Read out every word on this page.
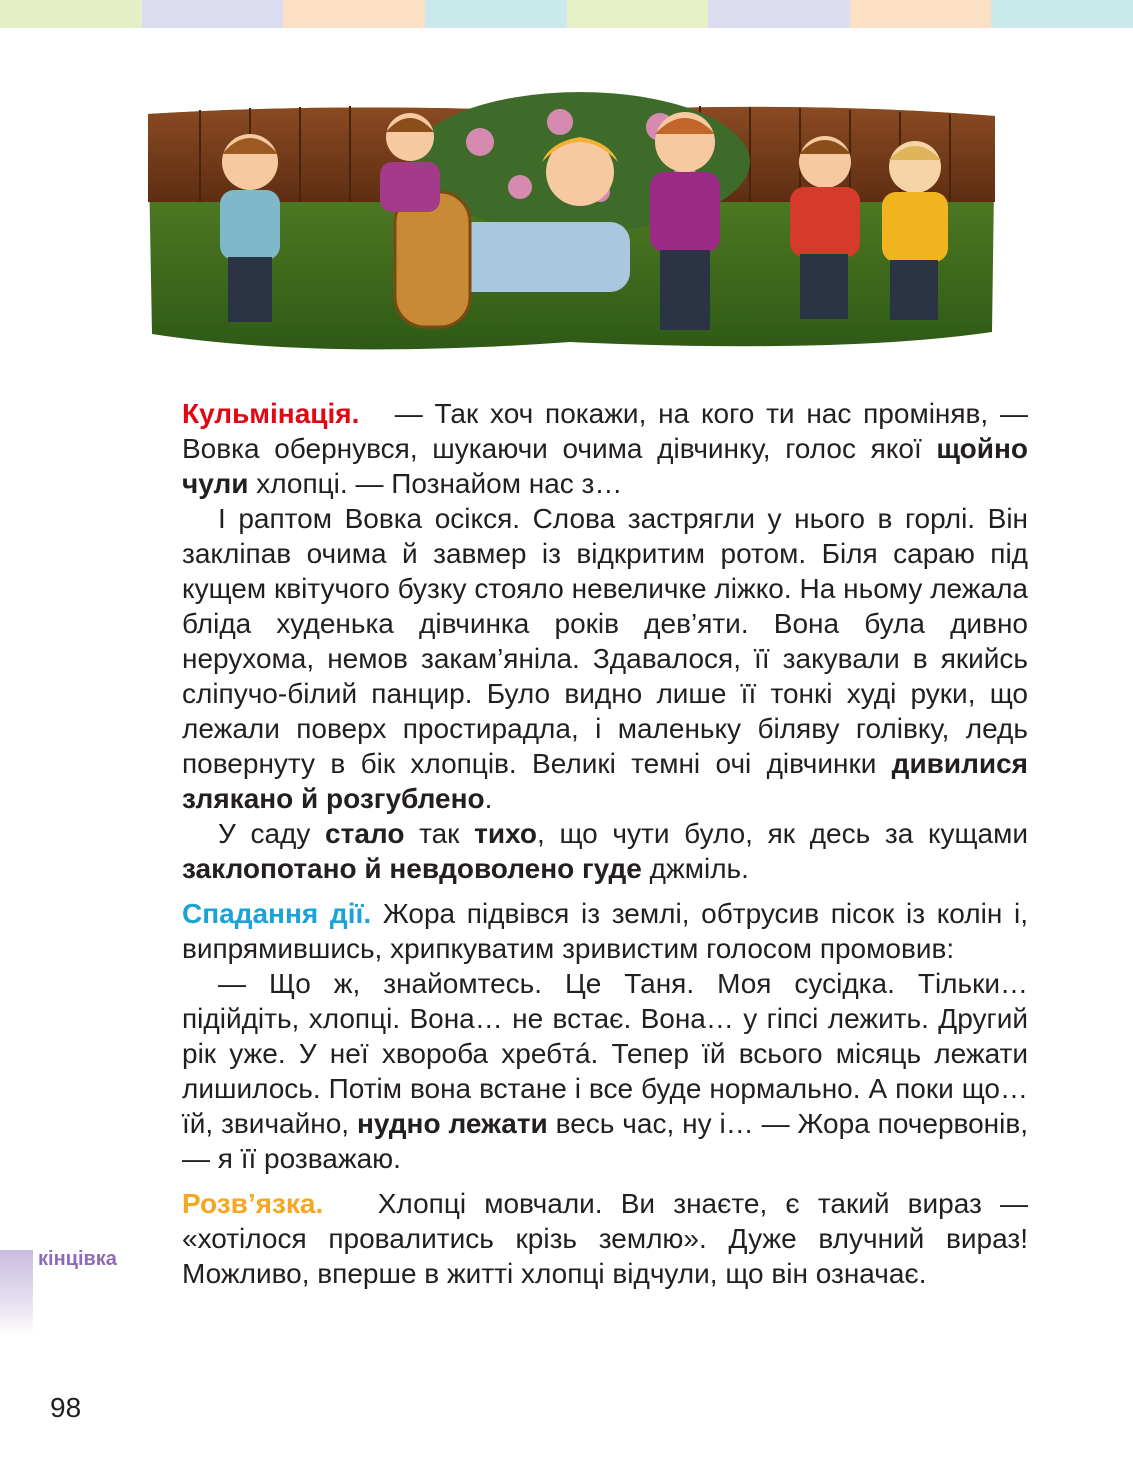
Кульмінація. — Так хоч покажи, на кого ти нас проміняв, — Вовка обернувся, шукаючи очима дівчинку, голос якої щойно чули хлопці. — Познайом нас з…

І раптом Вовка осікся. Слова застрягли у нього в горлі. Він закліпав очима й завмер із відкритим ротом. Біля сараю під кущем квітучого бузку стояло невеличке ліжко. На ньому лежала бліда худенька дівчинка років дев’яти. Вона була дивно нерухома, немов закам’яніла. Здавалося, її закували в якийсь сліпучо-білий панцир. Було видно лише її тонкі худі руки, що лежали поверх простирадла, і маленьку біляву голівку, ледь повернуту в бік хлопців. Великі темні очі дівчинки дивилися злякано й розгублено.

У саду стало так тихо, що чути було, як десь за кущами заклопотано й невдоволено гуде джміль.

Спадання дії. Жора підвівся із землі, обтрусив пісок із колін і, випрямившись, хрипкуватим зривистим голосом промовив:

— Що ж, знайомтесь. Це Таня. Моя сусідка. Тільки… підійдіть, хлопці. Вона… не встає. Вона… у гіпсі лежить. Другий рік уже. У неї хвороба хребтá. Тепер їй всього місяць лежати лишилось. Потім вона встане і все буде нормально. А поки що… їй, звичайно, нудно лежати весь час, ну і… — Жора почервонів, — я її розважаю.

Розв’язка. Хлопці мовчали. Ви знаєте, є такий вираз — «хотілося провалитись крізь землю». Дуже влучний вираз! Можливо, вперше в житті хлопці відчули, що він означає.

кінцівка
98
